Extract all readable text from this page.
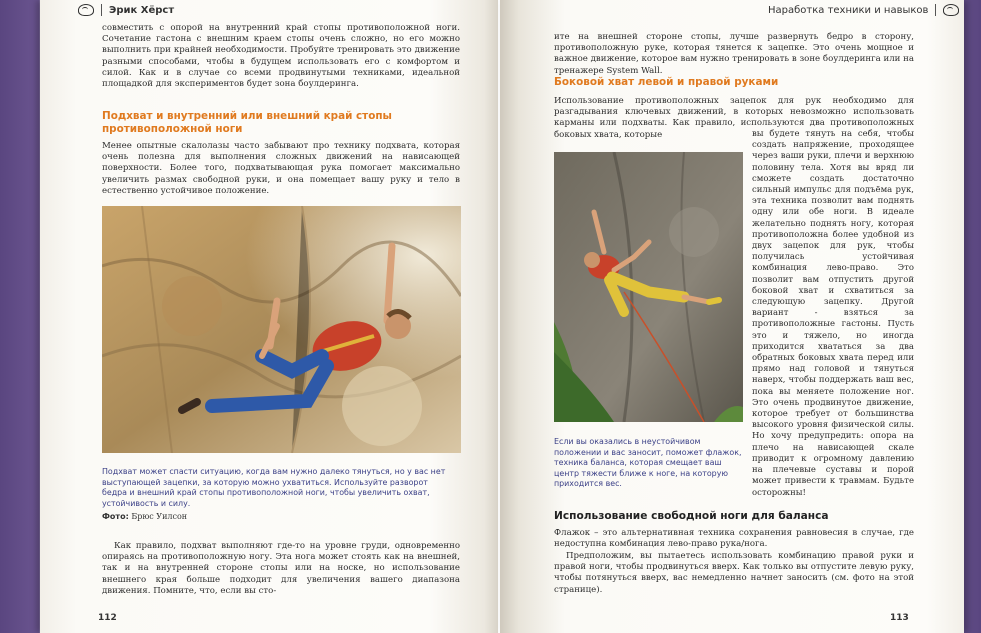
Эрик Хёрст

совместить с опорой на внутренний край стопы противоположной ноги. Сочетание гастона с внешним краем стопы очень сложно, но его можно выполнить при крайней необходимости. Пробуйте тренировать это движение разными способами, чтобы в будущем использовать его с комфортом и силой. Как и в случае со всеми продвинутыми техниками, идеальной площадкой для экспериментов будет зона боулдеринга.

Подхват и внутренний или внешний край стопы противоположной ноги

Менее опытные скалолазы часто забывают про технику подхвата, которая очень полезна для выполнения сложных движений на нависающей поверхности. Более того, подхватывающая рука помогает максимально увеличить размах свободной руки, и она помещает вашу руку и тело в естественно устойчивое положение.

Подхват может спасти ситуацию, когда вам нужно далеко тянуться, но у вас нет выступающей зацепки, за которую можно ухватиться. Используйте разворот бедра и внешний край стопы противоположной ноги, чтобы увеличить охват, устойчивость и силу.

Фото: Брюс Уилсон

Как правило, подхват выполняют где-то на уровне груди, одновременно опираясь на противоположную ногу. Эта нога может стоять как на внешней, так и на внутренней стороне стопы или на носке, но использование внешнего края больше подходит для увеличения вашего диапазона движения. Помните, что, если вы сто-

112
Наработка техники и навыков

ите на внешней стороне стопы, лучше развернуть бедро в сторону, противоположную руке, которая тянется к зацепке. Это очень мощное и важное движение, которое вам нужно тренировать в зоне боулдеринга или на тренажере System Wall.

Боковой хват левой и правой руками

Использование противоположных зацепок для рук необходимо для разгадывания ключевых движений, в которых невозможно использовать карманы или подхваты. Как правило, используются два противоположных боковых хвата, которые	вы будете тянуть на себя, чтобы создать напряжение, проходящее через ваши руки, плечи и верхнюю половину тела. Хотя вы вряд ли сможете создать достаточно сильный импульс для подъёма рук, эта техника позволит вам поднять одну или обе ноги. В идеале желательно поднять ногу, которая противоположна более удобной из двух зацепок для рук, чтобы получилась устойчивая комбинация лево-право. Это позволит вам отпустить другой боковой хват и схватиться за следующую зацепку. Другой вариант - взяться за противоположные гастоны. Пусть это и тяжело, но иногда приходится хвататься за два обратных боковых хвата перед или прямо над головой и тянуться наверх, чтобы поддержать ваш вес, пока вы меняете положение ног. Это очень продвинутое движение, которое требует от большинства высокого уровня физической силы. Но хочу предупредить: опора на плечо на нависающей скале приводит к огромному давлению на плечевые суставы и порой может привести к травмам. Будьте осторожны!

Если вы оказались в неустойчивом положении и вас заносит, поможет флажок, техника баланса, которая смещает ваш центр тяжести ближе к ноге, на которую приходится вес.

Использование свободной ноги для баланса

Флажок – это альтернативная техника сохранения равновесия в случае, где недоступна комбинация лево-право рука/нога.

Предположим, вы пытаетесь использовать комбинацию правой руки и правой ноги, чтобы продвинуться вверх. Как только вы отпустите левую руку, чтобы потянуться вверх, вас немедленно начнет заносить (см. фото на этой странице).

113
